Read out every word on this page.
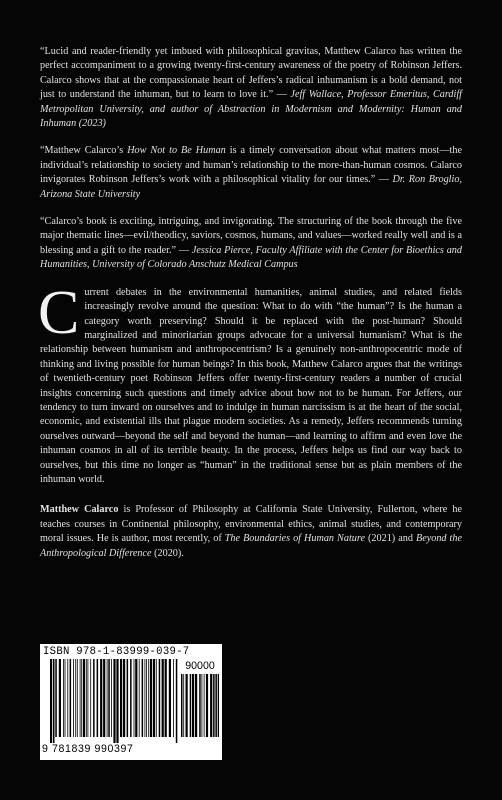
“Lucid and reader-friendly yet imbued with philosophical gravitas, Matthew Calarco has written the perfect accompaniment to a growing twenty-first-century awareness of the poetry of Robinson Jeffers. Calarco shows that at the compassionate heart of Jeffers’s radical inhumanism is a bold demand, not just to understand the inhuman, but to learn to love it.” — Jeff Wallace, Professor Emeritus, Cardiff Metropolitan University, and author of Abstraction in Modernism and Modernity: Human and Inhuman (2023)

“Matthew Calarco’s How Not to Be Human is a timely conversation about what matters most—the individual’s relationship to society and human’s relationship to the more-than-human cosmos. Calarco invigorates Robinson Jeffers’s work with a philosophical vitality for our times.” — Dr. Ron Broglio, Arizona State University

“Calarco’s book is exciting, intriguing, and invigorating. The structuring of the book through the five major thematic lines—evil/theodicy, saviors, cosmos, humans, and values—worked really well and is a blessing and a gift to the reader.” — Jessica Pierce, Faculty Affiliate with the Center for Bioethics and Humanities, University of Colorado Anschutz Medical Campus

Current debates in the environmental humanities, animal studies, and related fields increasingly revolve around the question: What to do with “the human”? Is the human a category worth preserving? Should it be replaced with the post-human? Should marginalized and minoritarian groups advocate for a universal humanism? What is the relationship between humanism and anthropocentrism? Is a genuinely non-anthropocentric mode of thinking and living possible for human beings? In this book, Matthew Calarco argues that the writings of twentieth-century poet Robinson Jeffers offer twenty-first-century readers a number of crucial insights concerning such questions and timely advice about how not to be human. For Jeffers, our tendency to turn inward on ourselves and to indulge in human narcissism is at the heart of the social, economic, and existential ills that plague modern societies. As a remedy, Jeffers recommends turning ourselves outward—beyond the self and beyond the human—and learning to affirm and even love the inhuman cosmos in all of its terrible beauty. In the process, Jeffers helps us find our way back to ourselves, but this time no longer as “human” in the traditional sense but as plain members of the inhuman world.

Matthew Calarco is Professor of Philosophy at California State University, Fullerton, where he teaches courses in Continental philosophy, environmental ethics, animal studies, and contemporary moral issues. He is author, most recently, of The Boundaries of Human Nature (2021) and Beyond the Anthropological Difference (2020).

ISBN 978-1-83999-039-7
90000
9 781839 990397
